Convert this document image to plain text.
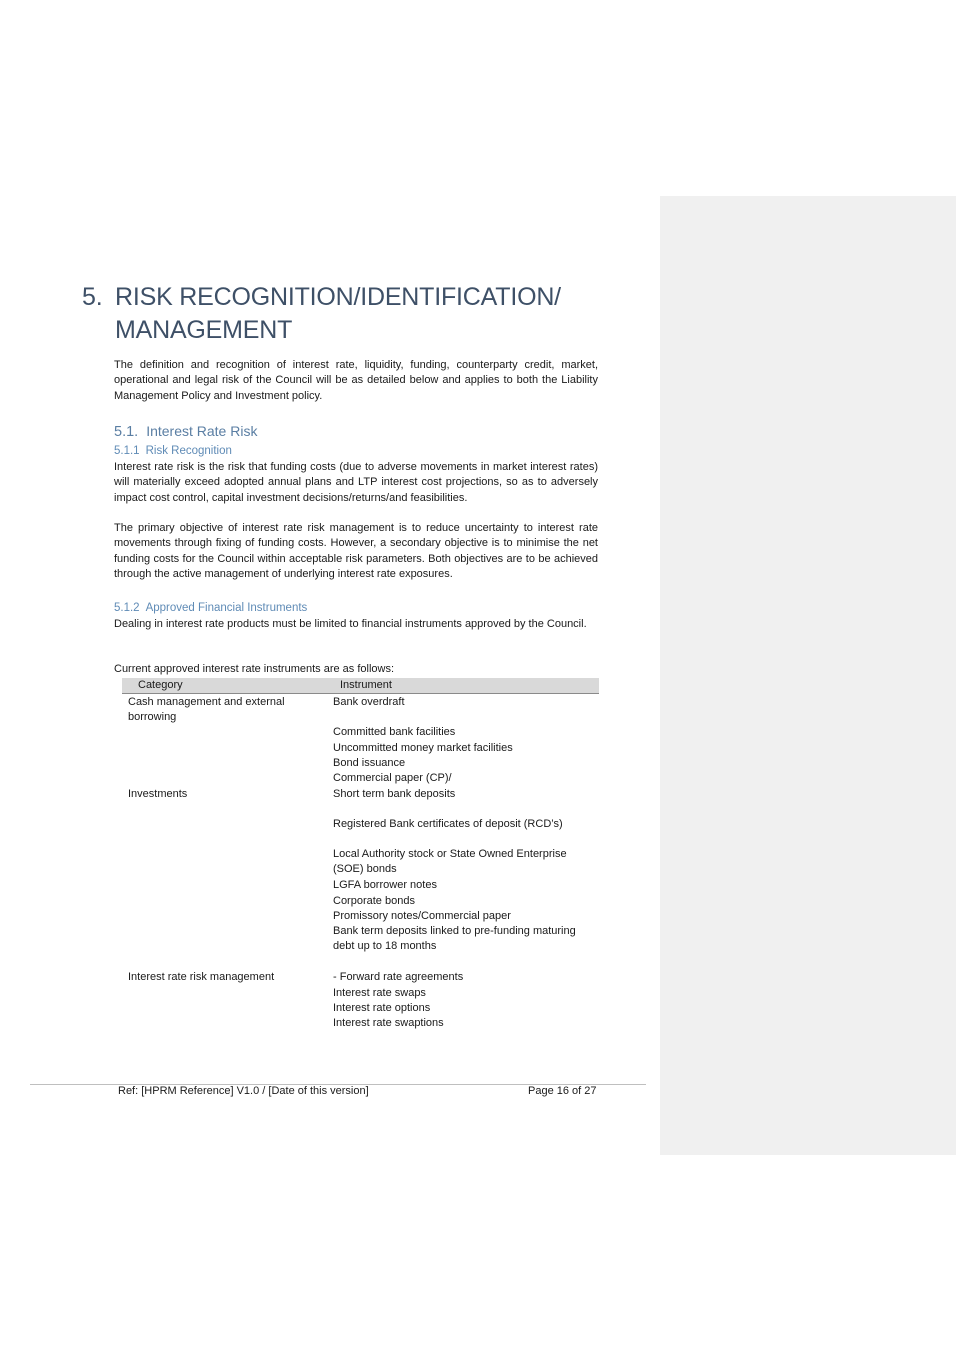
5. RISK RECOGNITION/IDENTIFICATION/
MANAGEMENT
The definition and recognition of interest rate, liquidity, funding, counterparty credit, market, operational and legal risk of the Council will be as detailed below and applies to both the Liability Management Policy and Investment policy.
5.1. Interest Rate Risk
5.1.1 Risk Recognition
Interest rate risk is the risk that funding costs (due to adverse movements in market interest rates) will materially exceed adopted annual plans and LTP interest cost projections, so as to adversely impact cost control, capital investment decisions/returns/and feasibilities.
The primary objective of interest rate risk management is to reduce uncertainty to interest rate movements through fixing of funding costs. However, a secondary objective is to minimise the net funding costs for the Council within acceptable risk parameters. Both objectives are to be achieved through the active management of underlying interest rate exposures.
5.1.2 Approved Financial Instruments
Dealing in interest rate products must be limited to financial instruments approved by the Council.
Current approved interest rate instruments are as follows:
Category	Instrument
Cash management and external borrowing
Investments
Interest rate risk management
Bank overdraft
Committed bank facilities
Uncommitted money market facilities
Bond issuance
Commercial paper (CP)/
Short term bank deposits
Registered Bank certificates of deposit (RCD’s)
Local Authority stock or State Owned Enterprise (SOE) bonds
LGFA borrower notes
Corporate bonds
Promissory notes/Commercial paper
Bank term deposits linked to pre-funding maturing debt up to 18 months
- Forward rate agreements
Interest rate swaps
Interest rate options
Interest rate swaptions
Ref: [HPRM Reference] V1.0 / [Date of this version]	Page 16 of 27
